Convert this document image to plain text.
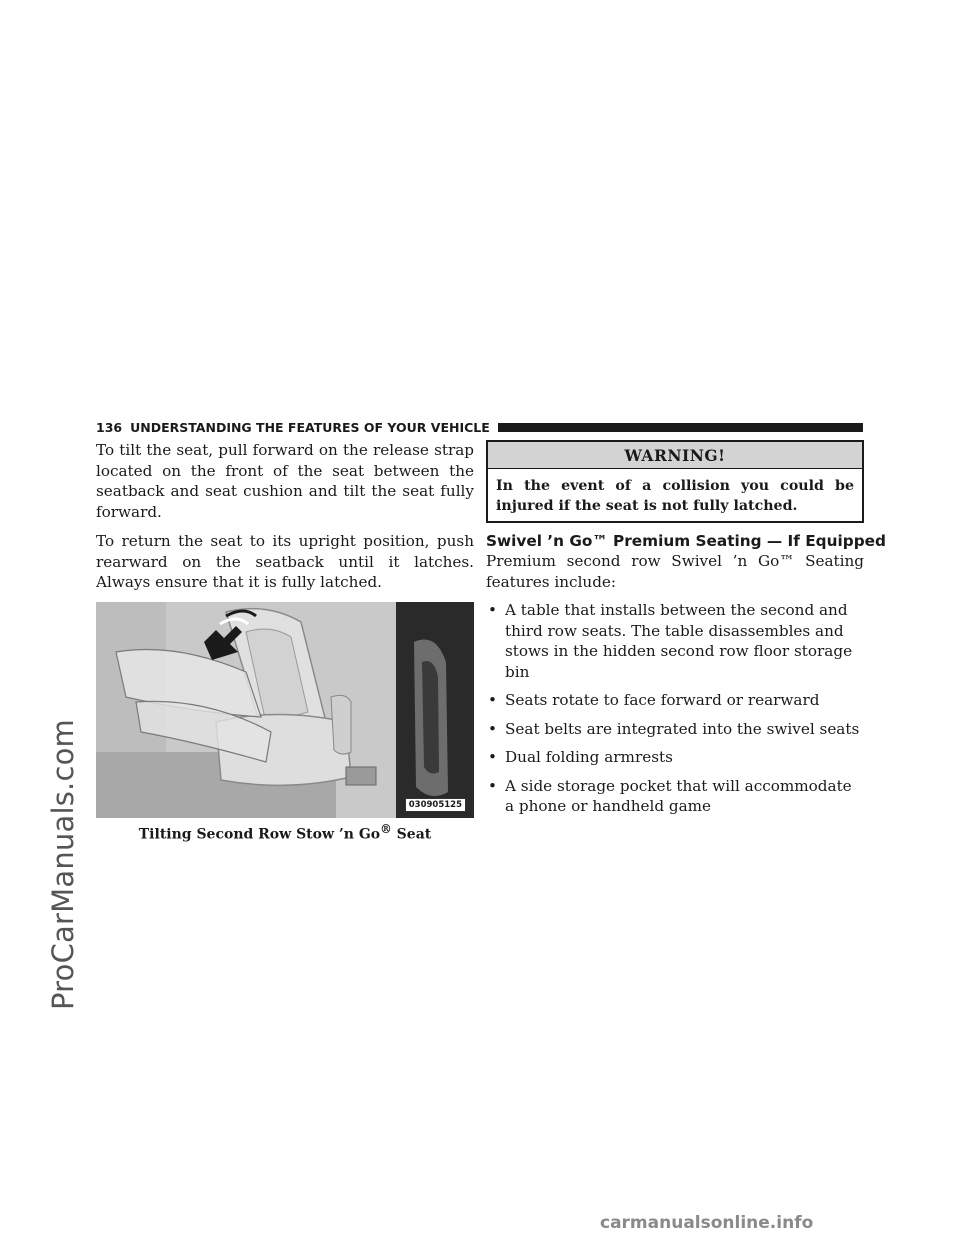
ProCarManuals.com
136 UNDERSTANDING THE FEATURES OF YOUR VEHICLE

To tilt the seat, pull forward on the release strap located on the front of the seat between the seatback and seat cushion and tilt the seat fully forward.

To return the seat to its upright position, push rearward on the seatback until it latches. Always ensure that it is fully latched.

030905125
Tilting Second Row Stow ’n Go® Seat
WARNING!
In the event of a collision you could be injured if the seat is not fully latched.
Swivel ’n Go™ Premium Seating — If Equipped

Premium second row Swivel ’n Go™ Seating features include:

• A table that installs between the second and third row seats. The table disassembles and stows in the hidden second row floor storage bin
• Seats rotate to face forward or rearward
• Seat belts are integrated into the swivel seats
• Dual folding armrests
• A side storage pocket that will accommodate a phone or handheld game
carmanualsonline.info
